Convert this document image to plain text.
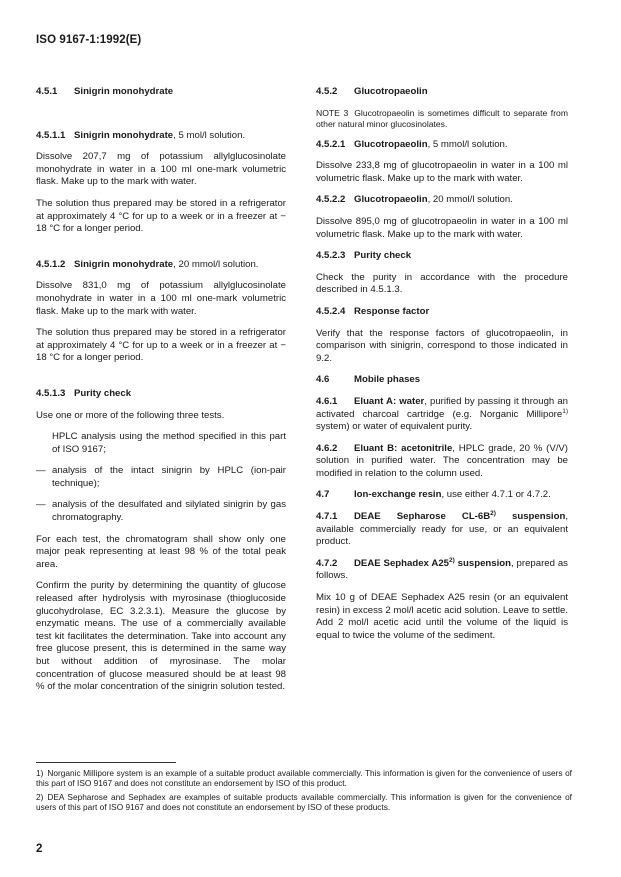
ISO 9167-1:1992(E)
4.5.1 Sinigrin monohydrate
4.5.1.1 Sinigrin monohydrate, 5 mol/l solution.

Dissolve 207,7 mg of potassium allylglucosinolate monohydrate in water in a 100 ml one-mark volumetric flask. Make up to the mark with water.

The solution thus prepared may be stored in a refrigerator at approximately 4 °C for up to a week or in a freezer at − 18 °C for a longer period.

4.5.1.2 Sinigrin monohydrate, 20 mmol/l solution.

Dissolve 831,0 mg of potassium allylglucosinolate monohydrate in water in a 100 ml one-mark volumetric flask. Make up to the mark with water.

The solution thus prepared may be stored in a refrigerator at approximately 4 °C for up to a week or in a freezer at − 18 °C for a longer period.

4.5.1.3 Purity check

Use one or more of the following three tests.

HPLC analysis using the method specified in this part of ISO 9167;

— analysis of the intact sinigrin by HPLC (ion-pair technique);
— analysis of the desulfated and silylated sinigrin by gas chromatography.

For each test, the chromatogram shall show only one major peak representing at least 98 % of the total peak area.

Confirm the purity by determining the quantity of glucose released after hydrolysis with myrosinase (thioglucoside glucohydrolase, EC 3.2.3.1). Measure the glucose by enzymatic means. The use of a commercially available test kit facilitates the determination. Take into account any free glucose present, this is determined in the same way but without addition of myrosinase. The molar concentration of glucose measured should be at least 98 % of the molar concentration of the sinigrin solution tested.

4.5.2 Glucotropaeolin
NOTE 3 Glucotropaeolin is sometimes difficult to separate from other natural minor glucosinolates.
4.5.2.1 Glucotropaeolin, 5 mmol/l solution.

Dissolve 233,8 mg of glucotropaeolin in water in a 100 ml volumetric flask. Make up to the mark with water.

4.5.2.2 Glucotropaeolin, 20 mmol/l solution.

Dissolve 895,0 mg of glucotropaeolin in water in a 100 ml volumetric flask. Make up to the mark with water.

4.5.2.3 Purity check

Check the purity in accordance with the procedure described in 4.5.1.3.

4.5.2.4 Response factor

Verify that the response factors of glucotropaeolin, in comparison with sinigrin, correspond to those indicated in 9.2.

4.6	Mobile phases

4.6.1 Eluant A: water, purified by passing it through an activated charcoal cartridge (e.g. Norganic Millipore$^{1)}$ system) or water of equivalent purity.

4.6.2 Eluant B: acetonitrile, HPLC grade, 20 % (V/V) solution in purified water. The concentration may be modified in relation to the column used.

4.7	Ion-exchange resin, use either 4.7.1 or 4.7.2.

4.7.1 DEAE Sepharose $CL-6B^{2)}$ suspension, available commercially ready for use, or an equivalent product.

4.7.2 DEAE Sephadex A25$^{2)}$ suspension, prepared as follows.

Mix 10 g of DEAE Sephadex A25 resin (or an equivalent resin) in excess 2 mol/l acetic acid solution. Leave to settle. Add 2 mol/l acetic acid until the volume of the liquid is equal to twice the volume of the sediment.

1) Norganic Millipore system is an example of a suitable product available commercially. This information is given for the convenience of users of this part of ISO 9167 and does not constitute an endorsement by ISO of this product.
2) DEA Sepharose and Sephadex are examples of suitable products available commercially. This information is given for the convenience of users of this part of ISO 9167 and does not constitute an endorsement by ISO of these products.
2
